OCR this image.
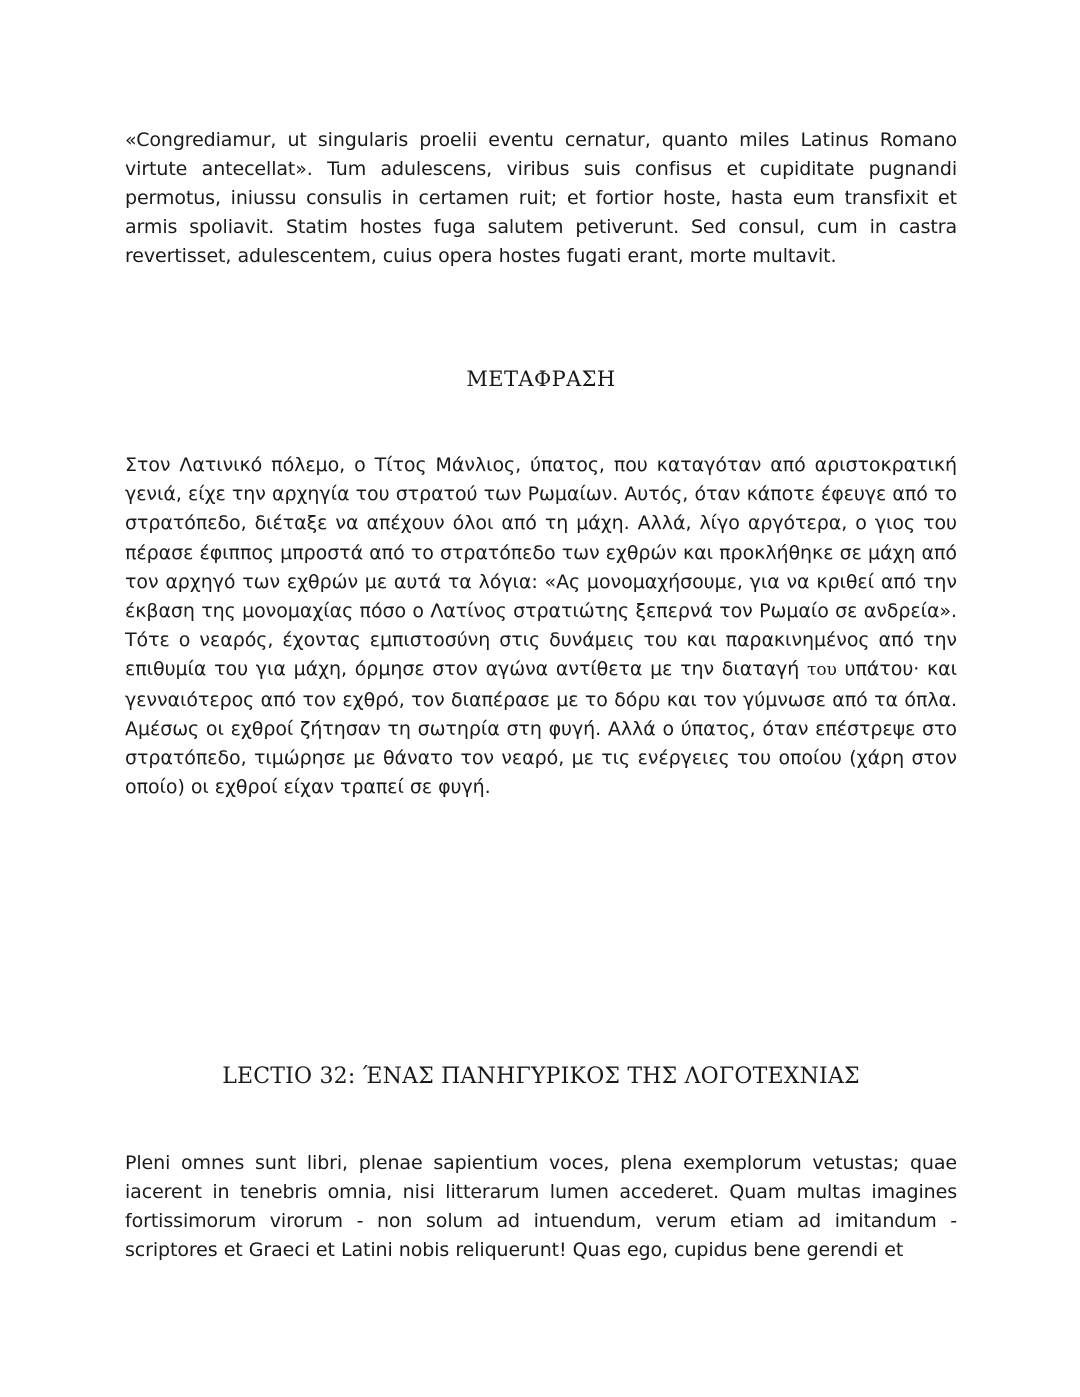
«Congrediamur, ut singularis proelii eventu cernatur, quanto miles Latinus Romano virtute antecellat». Tum adulescens, viribus suis confisus et cupiditate pugnandi permotus, iniussu consulis in certamen ruit; et fortior hoste, hasta eum transfixit et armis spoliavit. Statim hostes fuga salutem petiverunt. Sed consul, cum in castra revertisset, adulescentem, cuius opera hostes fugati erant, morte multavit.

ΜΕΤΑΦΡΑΣΗ

Στον Λατινικό πόλεμο, ο Τίτος Μάνλιος, ύπατος, που καταγόταν από αριστοκρατική γενιά, είχε την αρχηγία του στρατού των Ρωμαίων. Αυτός, όταν κάποτε έφευγε από το στρατόπεδο, διέταξε να απέχουν όλοι από τη μάχη. Αλλά, λίγο αργότερα, ο γιος του πέρασε έφιππος μπροστά από το στρατόπεδο των εχθρών και προκλήθηκε σε μάχη από τον αρχηγό των εχθρών με αυτά τα λόγια: «Ας μονομαχήσουμε, για να κριθεί από την έκβαση της μονομαχίας πόσο ο Λατίνος στρατιώτης ξεπερνά τον Ρωμαίο σε ανδρεία». Τότε ο νεαρός, έχοντας εμπιστοσύνη στις δυνάμεις του και παρακινημένος από την επιθυμία του για μάχη, όρμησε στον αγώνα αντίθετα με την διαταγή του υπάτου· και γενναιότερος από τον εχθρό, τον διαπέρασε με το δόρυ και τον γύμνωσε από τα όπλα. Αμέσως οι εχθροί ζήτησαν τη σωτηρία στη φυγή. Αλλά ο ύπατος, όταν επέστρεψε στο στρατόπεδο, τιμώρησε με θάνατο τον νεαρό, με τις ενέργειες του οποίου (χάρη στον οποίο) οι εχθροί είχαν τραπεί σε φυγή.

LECTIO 32: ΈΝΑΣ ΠΑΝΗΓΥΡΙΚΟΣ ΤΗΣ ΛΟΓΟΤΕΧΝΙΑΣ

Pleni omnes sunt libri, plenae sapientium voces, plena exemplorum vetustas; quae iacerent in tenebris omnia, nisi litterarum lumen accederet. Quam multas imagines fortissimorum virorum - non solum ad intuendum, verum etiam ad imitandum - scriptores et Graeci et Latini nobis reliquerunt! Quas ego, cupidus bene gerendi et
